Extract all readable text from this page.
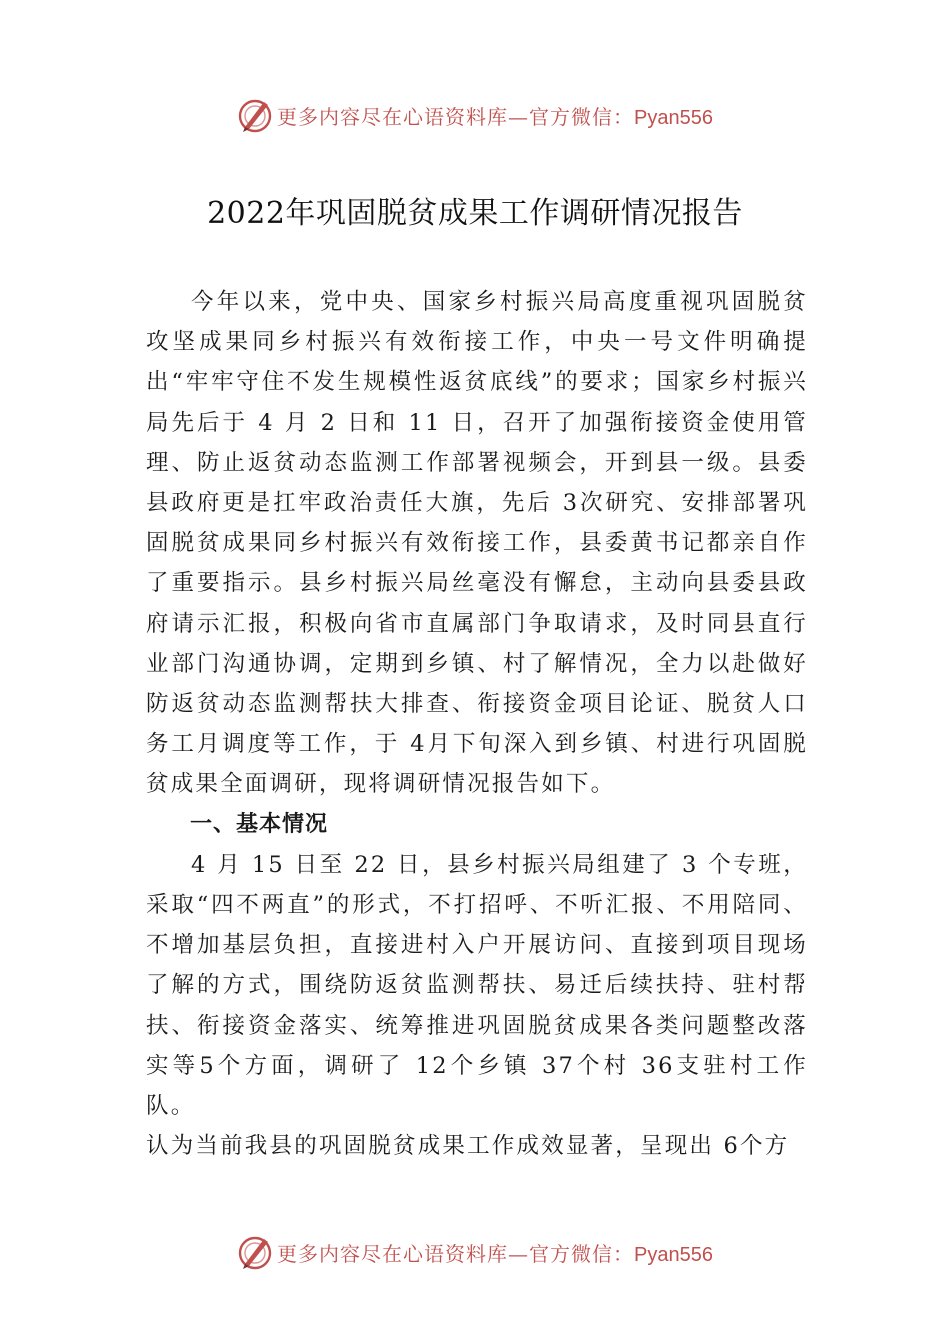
更多内容尽在心语资料库—官方微信：Pyan556
2022年巩固脱贫成果工作调研情况报告

今年以来，党中央、国家乡村振兴局高度重视巩固脱贫攻坚成果同乡村振兴有效衔接工作，中央一号文件明确提出“牢牢守住不发生规模性返贫底线”的要求；国家乡村振兴局先后于 4 月 2 日和 11 日，召开了加强衔接资金使用管理、防止返贫动态监测工作部署视频会，开到县一级。县委县政府更是扛牢政治责任大旗，先后 3次研究、安排部署巩固脱贫成果同乡村振兴有效衔接工作，县委黄书记都亲自作了重要指示。县乡村振兴局丝毫没有懈怠，主动向县委县政府请示汇报，积极向省市直属部门争取请求，及时同县直行业部门沟通协调，定期到乡镇、村了解情况，全力以赴做好防返贫动态监测帮扶大排查、衔接资金项目论证、脱贫人口务工月调度等工作，于 4月下旬深入到乡镇、村进行巩固脱贫成果全面调研，现将调研情况报告如下。

一、基本情况

4 月 15 日至 22 日，县乡村振兴局组建了 3 个专班，采取“四不两直”的形式，不打招呼、不听汇报、不用陪同、 不增加基层负担，直接进村入户开展访问、直接到项目现场了解的方式，围绕防返贫监测帮扶、易迁后续扶持、驻村帮扶、衔接资金落实、统筹推进巩固脱贫成果各类问题整改落实等5个方面，调研了 12个乡镇 37个村 36支驻村工作队。

认为当前我县的巩固脱贫成果工作成效显著，呈现出 6个方

更多内容尽在心语资料库—官方微信：Pyan556
